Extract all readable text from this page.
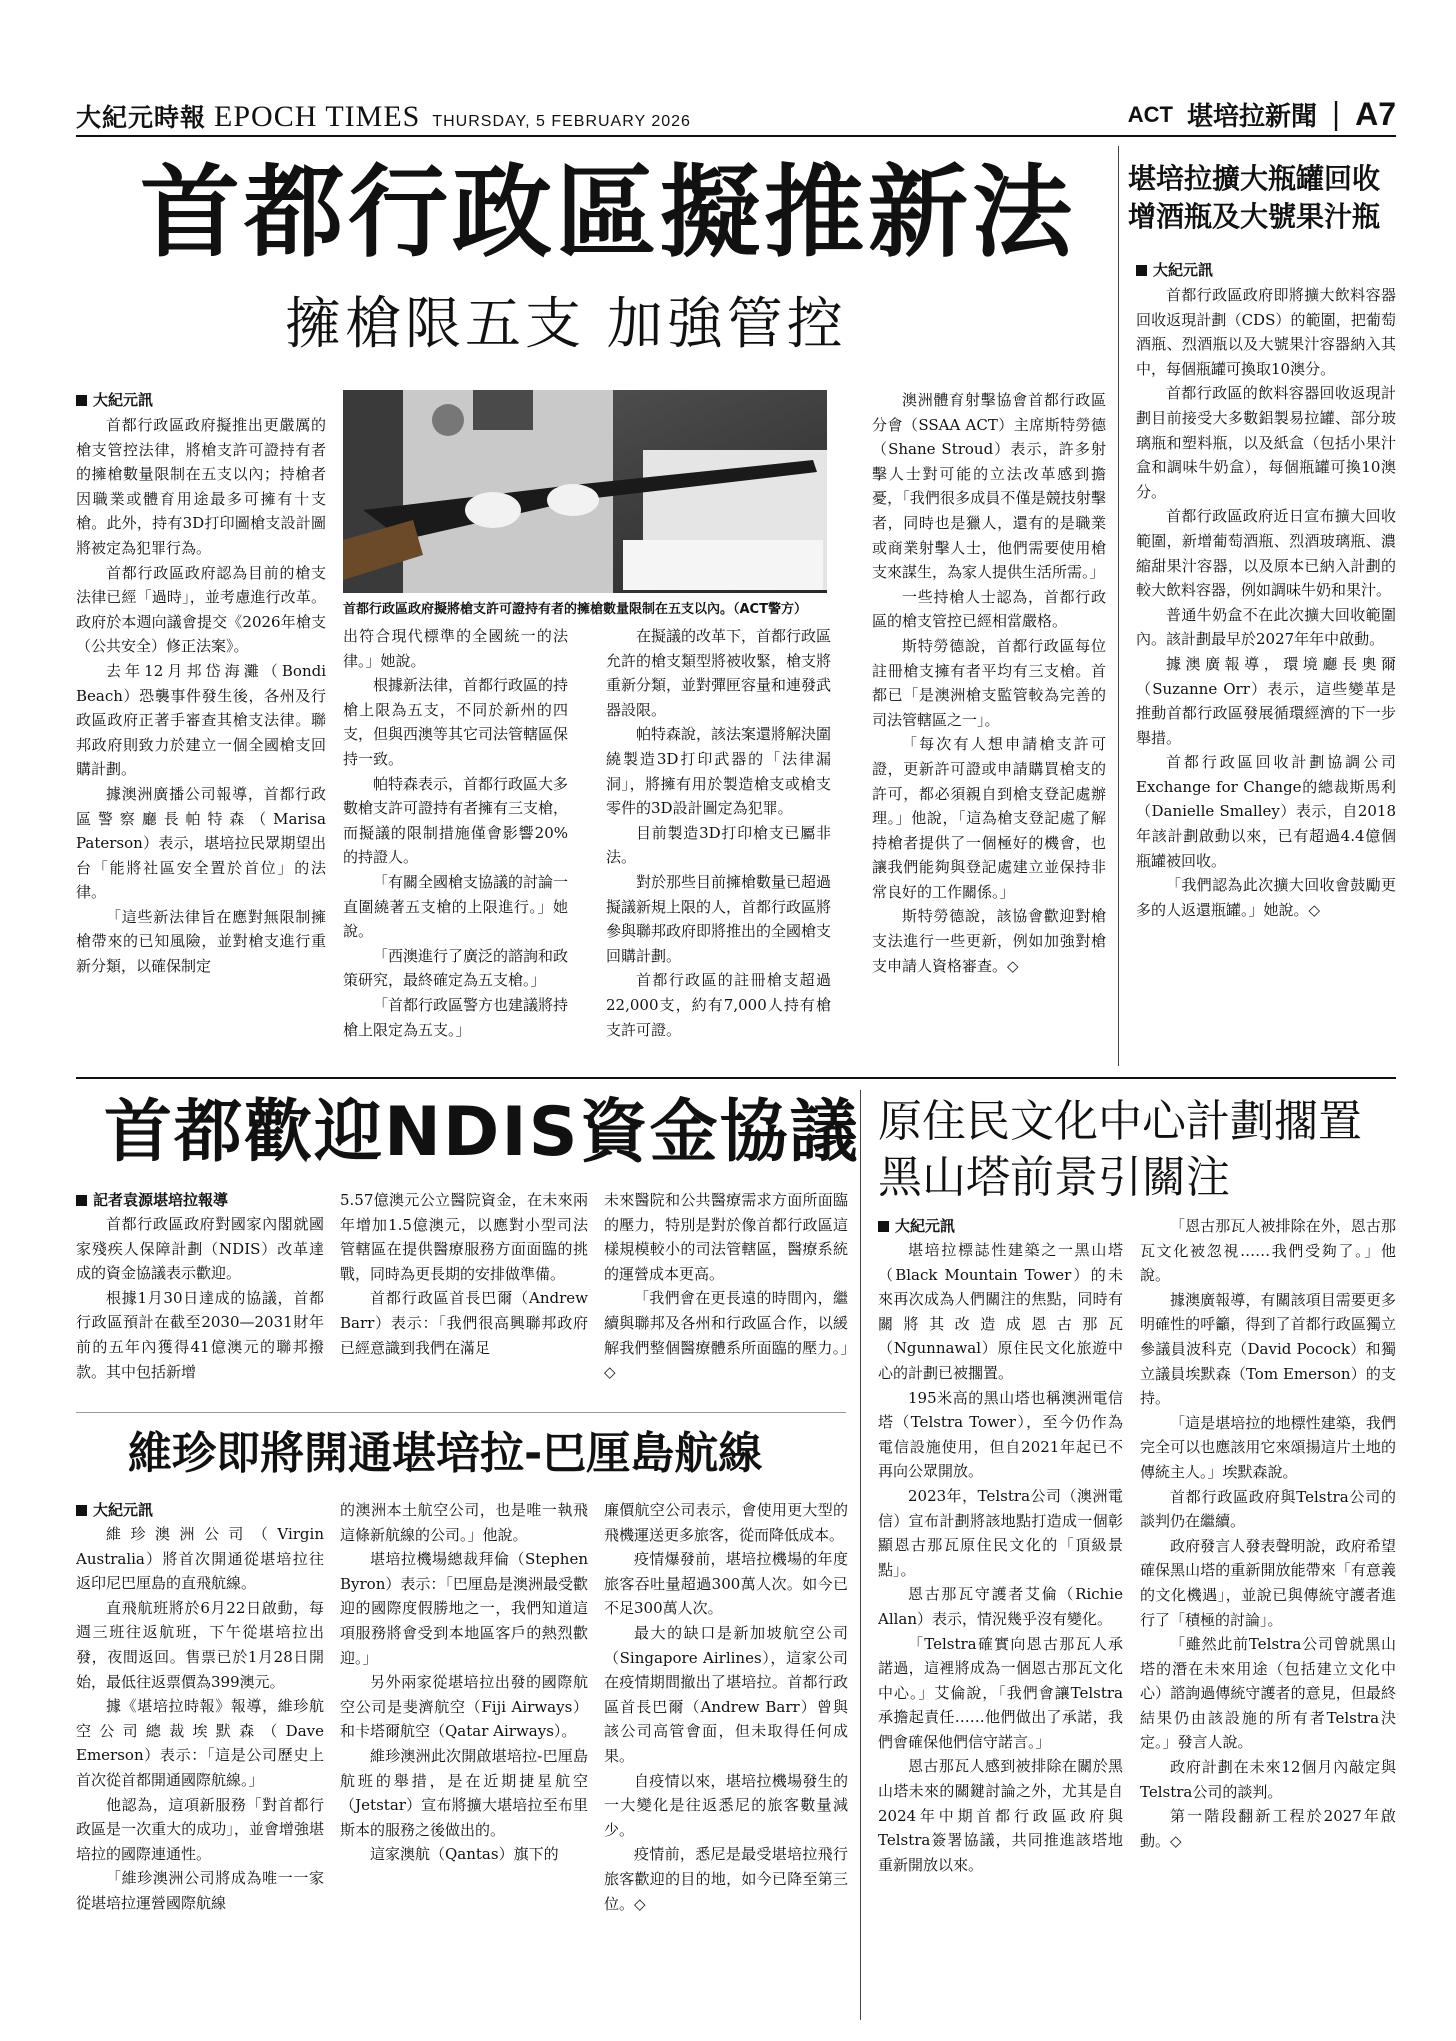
大紀元時報 EPOCH TIMES THURSDAY, 5 FEBRUARY 2026	ACT 堪培拉新聞 | A7
首都行政區擬推新法
擁槍限五支 加強管控
大紀元訊

首都行政區政府擬推出更嚴厲的槍支管控法律，將槍支許可證持有者的擁槍數量限制在五支以內；持槍者因職業或體育用途最多可擁有十支槍。此外，持有3D打印圖槍支設計圖將被定為犯罪行為。

首都行政區政府認為目前的槍支法律已經「過時」，並考慮進行改革。政府於本週向議會提交《2026年槍支（公共安全）修正法案》。

去年12月邦岱海灘（Bondi Beach）恐襲事件發生後，各州及行政區政府正著手審查其槍支法律。聯邦政府則致力於建立一個全國槍支回購計劃。

據澳洲廣播公司報導，首都行政區警察廳長帕特森（Marisa Paterson）表示，堪培拉民眾期望出台「能將社區安全置於首位」的法律。

「這些新法律旨在應對無限制擁槍帶來的已知風險，並對槍支進行重新分類，以確保制定

首都行政區政府擬將槍支許可證持有者的擁槍數量限制在五支以內。（ACT警方）

出符合現代標準的全國統一的法律。」她說。

根據新法律，首都行政區的持槍上限為五支，不同於新州的四支，但與西澳等其它司法管轄區保持一致。

帕特森表示，首都行政區大多數槍支許可證持有者擁有三支槍，而擬議的限制措施僅會影響20%的持證人。

「有關全國槍支協議的討論一直圍繞著五支槍的上限進行。」她說。

「西澳進行了廣泛的諮詢和政策研究，最終確定為五支槍。」

「首都行政區警方也建議將持槍上限定為五支。」

在擬議的改革下，首都行政區允許的槍支類型將被收緊，槍支將重新分類，並對彈匣容量和連發武器設限。

帕特森說，該法案還將解決圍繞製造3D打印武器的「法律漏洞」，將擁有用於製造槍支或槍支零件的3D設計圖定為犯罪。

目前製造3D打印槍支已屬非法。

對於那些目前擁槍數量已超過擬議新規上限的人，首都行政區將參與聯邦政府即將推出的全國槍支回購計劃。

首都行政區的註冊槍支超過22,000支，約有7,000人持有槍支許可證。

澳洲體育射擊協會首都行政區分會（SSAA ACT）主席斯特勞德（Shane Stroud）表示，許多射擊人士對可能的立法改革感到擔憂，「我們很多成員不僅是競技射擊者，同時也是獵人，還有的是職業或商業射擊人士，他們需要使用槍支來謀生，為家人提供生活所需。」

一些持槍人士認為，首都行政區的槍支管控已經相當嚴格。

斯特勞德說，首都行政區每位註冊槍支擁有者平均有三支槍。首都已「是澳洲槍支監管較為完善的司法管轄區之一」。

「每次有人想申請槍支許可證，更新許可證或申請購買槍支的許可，都必須親自到槍支登記處辦理。」他說，「這為槍支登記處了解持槍者提供了一個極好的機會，也讓我們能夠與登記處建立並保持非常良好的工作關係。」

斯特勞德說，該協會歡迎對槍支法進行一些更新，例如加強對槍支申請人資格審查。◇

堪培拉擴大瓶罐回收增酒瓶及大號果汁瓶
大紀元訊

首都行政區政府即將擴大飲料容器回收返現計劃（CDS）的範圍，把葡萄酒瓶、烈酒瓶以及大號果汁容器納入其中，每個瓶罐可換取10澳分。

首都行政區的飲料容器回收返現計劃目前接受大多數鋁製易拉罐、部分玻璃瓶和塑料瓶，以及紙盒（包括小果汁盒和調味牛奶盒），每個瓶罐可換10澳分。

首都行政區政府近日宣布擴大回收範圍，新增葡萄酒瓶、烈酒玻璃瓶、濃縮甜果汁容器，以及原本已納入計劃的較大飲料容器，例如調味牛奶和果汁。

普通牛奶盒不在此次擴大回收範圍內。該計劃最早於2027年年中啟動。

據澳廣報導，環境廳長奧爾（Suzanne Orr）表示，這些變革是推動首都行政區發展循環經濟的下一步舉措。

首都行政區回收計劃協調公司Exchange for Change的總裁斯馬利（Danielle Smalley）表示，自2018年該計劃啟動以來，已有超過4.4億個瓶罐被回收。

「我們認為此次擴大回收會鼓勵更多的人返還瓶罐。」她說。◇

首都歡迎NDIS資金協議
記者袁源堪培拉報導

首都行政區政府對國家內閣就國家殘疾人保障計劃（NDIS）改革達成的資金協議表示歡迎。

根據1月30日達成的協議，首都行政區預計在截至2030—2031財年前的五年內獲得41億澳元的聯邦撥款。其中包括新增

5.57億澳元公立醫院資金，在未來兩年增加1.5億澳元，以應對小型司法管轄區在提供醫療服務方面面臨的挑戰，同時為更長期的安排做準備。

首都行政區首長巴爾（Andrew Barr）表示：「我們很高興聯邦政府已經意識到我們在滿足

未來醫院和公共醫療需求方面所面臨的壓力，特別是對於像首都行政區這樣規模較小的司法管轄區，醫療系統的運營成本更高。

「我們會在更長遠的時間內，繼續與聯邦及各州和行政區合作，以緩解我們整個醫療體系所面臨的壓力。」◇

維珍即將開通堪培拉-巴厘島航線
大紀元訊

維珍澳洲公司（Virgin Australia）將首次開通從堪培拉往返印尼巴厘島的直飛航線。

直飛航班將於6月22日啟動，每週三班往返航班，下午從堪培拉出發，夜間返回。售票已於1月28日開始，最低往返票價為399澳元。

據《堪培拉時報》報導，維珍航空公司總裁埃默森（Dave Emerson）表示：「這是公司歷史上首次從首都開通國際航線。」

他認為，這項新服務「對首都行政區是一次重大的成功」，並會增強堪培拉的國際連通性。

「維珍澳洲公司將成為唯一一家從堪培拉運營國際航線

的澳洲本土航空公司，也是唯一執飛這條新航線的公司。」他說。

堪培拉機場總裁拜倫（Stephen Byron）表示：「巴厘島是澳洲最受歡迎的國際度假勝地之一，我們知道這項服務將會受到本地區客戶的熱烈歡迎。」

另外兩家從堪培拉出發的國際航空公司是斐濟航空（Fiji Airways）和卡塔爾航空（Qatar Airways）。

維珍澳洲此次開啟堪培拉-巴厘島航班的舉措，是在近期捷星航空（Jetstar）宣布將擴大堪培拉至布里斯本的服務之後做出的。

這家澳航（Qantas）旗下的

廉價航空公司表示，會使用更大型的飛機運送更多旅客，從而降低成本。

疫情爆發前，堪培拉機場的年度旅客吞吐量超過300萬人次。如今已不足300萬人次。

最大的缺口是新加坡航空公司（Singapore Airlines），這家公司在疫情期間撤出了堪培拉。首都行政區首長巴爾（Andrew Barr）曾與該公司高管會面，但未取得任何成果。

自疫情以來，堪培拉機場發生的一大變化是往返悉尼的旅客數量減少。

疫情前，悉尼是最受堪培拉飛行旅客歡迎的目的地，如今已降至第三位。◇

原住民文化中心計劃擱置黑山塔前景引關注
大紀元訊

堪培拉標誌性建築之一黑山塔（Black Mountain Tower）的未來再次成為人們關注的焦點，同時有關將其改造成恩古那瓦（Ngunnawal）原住民文化旅遊中心的計劃已被擱置。

195米高的黑山塔也稱澳洲電信塔（Telstra Tower），至今仍作為電信設施使用，但自2021年起已不再向公眾開放。

2023年，Telstra公司（澳洲電信）宣布計劃將該地點打造成一個彰顯恩古那瓦原住民文化的「頂級景點」。

恩古那瓦守護者艾倫（Richie Allan）表示，情況幾乎沒有變化。

「Telstra確實向恩古那瓦人承諾過，這裡將成為一個恩古那瓦文化中心。」艾倫說，「我們會讓Telstra承擔起責任……他們做出了承諾，我們會確保他們信守諾言。」

恩古那瓦人感到被排除在關於黑山塔未來的關鍵討論之外，尤其是自2024年中期首都行政區政府與Telstra簽署協議，共同推進該塔地重新開放以來。

「恩古那瓦人被排除在外，恩古那瓦文化被忽視……我們受夠了。」他說。

據澳廣報導，有關該項目需要更多明確性的呼籲，得到了首都行政區獨立參議員波科克（David Pocock）和獨立議員埃默森（Tom Emerson）的支持。

「這是堪培拉的地標性建築，我們完全可以也應該用它來頌揚這片土地的傳統主人。」埃默森說。

首都行政區政府與Telstra公司的談判仍在繼續。

政府發言人發表聲明說，政府希望確保黑山塔的重新開放能帶來「有意義的文化機遇」，並說已與傳統守護者進行了「積極的討論」。

「雖然此前Telstra公司曾就黑山塔的潛在未來用途（包括建立文化中心）諮詢過傳統守護者的意見，但最終結果仍由該設施的所有者Telstra決定。」發言人說。

政府計劃在未來12個月內敲定與Telstra公司的談判。

第一階段翻新工程於2027年啟動。◇
